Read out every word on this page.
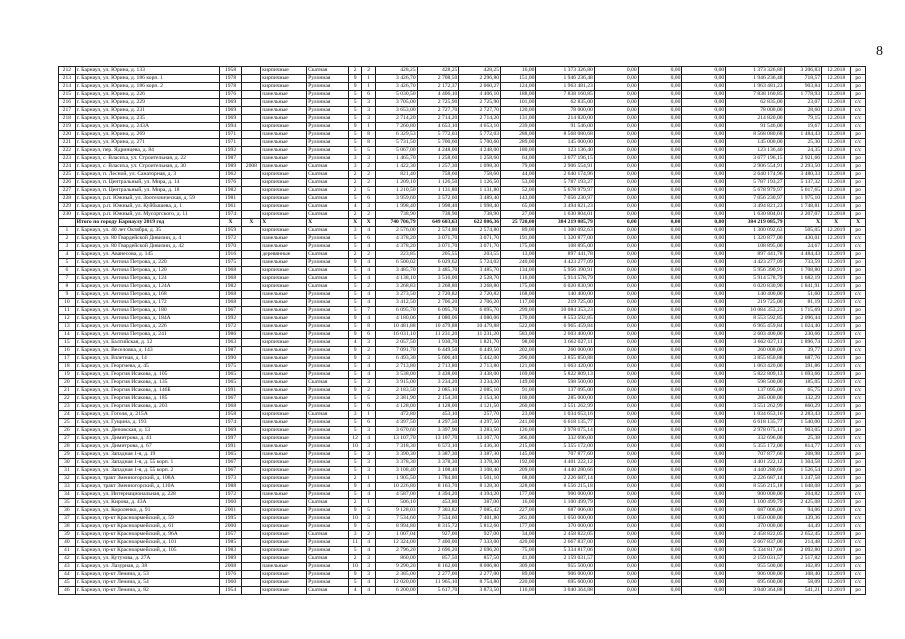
8
212	г. Барнаул, ул. Юрина, д. 133	1958		кирпичные	Скатная	2	2	428,25	428,25	428,25	16,00	1 373 326,80	0,00	0,00	0,00	1 373 326,80	3 206,83	12.2018	рo
213	г. Барнаул, ул. Юрина, д. 186 корп. 1	1978		кирпичные	Рулонная	9	1	3 426,70	2 708,50	2 296,80	151,00	1 946 236,48	0,00	0,00	0,00	1 946 236,48	718,57	12.2018	рo
214	г. Барнаул, ул. Юрина, д. 186 корп. 2	1978		кирпичные	Рулонная	9	1	3 426,70	2 172,37	2 060,27	124,00	1 963 481,23	0,00	0,00	0,00	1 963 481,23	903,84	12.2018	рo
215	г. Барнаул, ул. Юрина, д. 226	1976		панельные	Рулонная	5	6	5 030,50	4 406,10	4 406,10	188,00	7 838 160,85	0,00	0,00	0,00	7 838 160,85	1 778,93	12.2018	рo
216	г. Барнаул, ул. Юрина, д. 229	1969		панельные	Рулонная	5	3	3 705,00	2 725,90	2 725,90	101,00	62 835,00	0,00	0,00	0,00	62 835,00	23,07	12.2018	с/с
217	г. Барнаул, ул. Юрина, д. 231	1969		панельные	Рулонная	5	3	3 653,00	2 727,70	2 727,70	120,00	78 000,00	0,00	0,00	0,00	78 000,00	28,60	12.2018	с/с
218	г. Барнаул, ул. Юрина, д. 235	1969		панельные	Рулонная	5	3	2 714,20	2 714,20	2 714,20	131,00	214 820,00	0,00	0,00	0,00	214 820,00	79,15	12.2018	с/с
219	г. Барнаул, ул. Юрина, д. 243А	1994		кирпичные	Рулонная	9	1	7 260,80	4 653,10	4 653,10	239,00	91 546,00	0,00	0,00	0,00	91 546,00	19,67	12.2018	с/с
220	г. Барнаул, ул. Юрина, д. 269	1971		панельные	Рулонная	5	8	6 329,53	5 772,03	5 772,03	288,00	8 568 080,68	0,00	0,00	0,00	8 568 080,68	1 484,43	12.2018	рo
221	г. Барнаул, ул. Юрина, д. 271	1971		панельные	Рулонная	5	8	5 731,50	5 700,60	5 700,60	289,00	145 000,00	0,00	0,00	0,00	145 000,00	25,30	12.2018	с/с
222	г. Барнаул, пер. Ядринцева, д. 84	1992		панельные	Рулонная	5	5	5 067,00	4 248,00	4 248,00	180,00	123 136,40	0,00	0,00	0,00	123 136,40	24,35	12.2018	с/с
223	г. Барнаул, с. Власиха, ул. Строительная, д. 22	1987		панельные	Рулонная	3	3	1 465,70	1 258,60	1 258,60	64,00	3 677 196,15	0,00	0,00	0,00	3 677 196,15	2 921,66	12.2018	рo
224	г. Барнаул, с. Власиха, ул. Строительная, д. 30	1989	2008	панельные	Скатная	3	2	1 422,30	1 257,30	1 098,30	79,00	2 906 554,91	0,00	0,00	0,00	2 906 554,91	2 293,50	12.2018	рo
225	г. Барнаул, п. Лесной, ул. Санаторная, д. 3	1962		кирпичные	Скатная	2	2	821,40	758,60	758,60	44,00	2 640 174,96	0,00	0,00	0,00	2 640 174,96	3 480,33	12.2018	рo
226	г. Барнаул, п. Центральный, ул. Мира, д. 14	1976		кирпичные	Скатная	2	2	1 209,10	1 126,50	1 126,50	53,00	5 787 193,27	0,00	0,00	0,00	5 787 193,27	5 137,32	12.2018	рo
227	г. Барнаул, п. Центральный, ул. Мира, д. 18	1982		кирпичные	Скатная	2	5	1 210,50	1 131,80	1 131,80	52,00	5 678 979,97	0,00	0,00	0,00	5 678 979,97	5 017,65	12.2018	рo
228	г. Барнаул, р.п. Южный, ул. Зоотехническая, д. 59	1981		кирпичные	Скатная	5	6	3 959,60	3 572,60	3 489,40	143,00	7 056 230,97	0,00	0,00	0,00	7 056 230,97	1 975,10	12.2018	рo
229	г. Барнаул, р.п. Южный, ул. Куйбышева, д. 1	1961		кирпичные	Скатная	4	3	1 998,40	1 998,40	1 998,40	65,00	3 494 821,23	0,00	0,00	0,00	3 494 821,23	1 748,81	12.2018	рo
230	г. Барнаул, р.п. Южный, ул. Мусоргского, д. 11	1974		кирпичные	Скатная	2	2	738,90	738,90	738,90	27,00	1 630 804,01	0,00	0,00	0,00	1 630 804,01	2 207,07	12.2018	рo
	Итого по городу Барнаулу 2019 год	X	X	X	X	X	X	740 706,79	649 603,63	622 806,36	25 720,00	384 219 085,79	0,00	0,00	0,00	384 219 085,79	X	X	X
1	г. Барнаул, ул. 40 лет Октября, д. 35	1959		кирпичные	Скатная	3	4	2 576,00	2 574,80	2 574,80	89,00	1 300 092,63	0,00	0,00	0,00	1 300 092,63	505,05	12.2019	рo
2	г. Барнаул, ул. 80 Гвардейской Дивизии, д. 4	1972		панельные	Рулонная	5	6	4 378,20	3 071,70	3 071,70	191,00	1 320 877,00	0,00	0,00	0,00	1 320 877,00	430,01	12.2019	с/с
3	г. Барнаул, ул. 80 Гвардейской Дивизии, д. 42	1970		панельные	Рулонная	5	4	4 378,20	3 071,70	3 071,70	175,00	108 895,00	0,00	0,00	0,00	108 895,00	24,67	12.2019	с/с
4	г. Барнаул, ул. Аванесова, д. 145	1916		деревянные	Скатная	2	2	223,85	205,55	203,55	13,00	897 441,78	0,00	0,00	0,00	897 441,78	4 484,43	12.2019	рo
5	г. Барнаул, ул. Антона Петрова, д. 220	1975		панельные	Рулонная	9	4	6 500,02	6 029,62	5 724,02	240,00	4 423 277,09	0,00	0,00	0,00	4 423 277,09	733,59	12.2019	рo
6	г. Барнаул, ул. Антона Петрова, д. 120	1968		кирпичные	Скатная	5	4	3 485,70	3 485,70	3 485,70	134,00	5 956 390,91	0,00	0,00	0,00	5 956 390,91	1 708,80	12.2019	рo
7	г. Барнаул, ул. Антона Петрова, д. 124	1968		кирпичные	Скатная	5	4	4 138,10	3 516,00	2 528,70	116,00	5 914 578,79	0,00	0,00	0,00	5 914 578,79	1 682,19	12.2019	рo
8	г. Барнаул, ул. Антона Петрова, д. 124А	1982		кирпичные	Скатная	5	2	3 268,83	3 268,80	3 268,80	175,00	6 020 830,90	0,00	0,00	0,00	6 020 830,90	1 841,91	12.2019	рo
9	г. Барнаул, ул. Антона Петрова, д. 168	1968		панельные	Рулонная	5	4	3 273,50	2 720,82	2 720,82	168,00	140 400,00	0,00	0,00	0,00	140 400,00	51,60	12.2019	с/с
10	г. Барнаул, ул. Антона Петрова, д. 172	1968		панельные	Рулонная	5	4	3 412,50	2 706,20	2 706,20	117,00	219 725,00	0,00	0,00	0,00	219 725,00	81,19	12.2019	с/с
11	г. Барнаул, ул. Антона Петрова, д. 180	1967		панельные	Рулонная	5	7	6 095,70	6 095,70	6 095,70	299,00	10 084 353,23	0,00	0,00	0,00	10 084 353,23	1 715,69	12.2019	рo
12	г. Барнаул, ул. Антона Петрова, д. 184А	1992		панельные	Рулонная	9	4	4 180,06	4 080,06	4 080,06	170,00	8 553 592,85	0,00	0,00	0,00	8 553 592,85	2 096,44	12.2019	рo
13	г. Барнаул, ул. Антона Петрова, д. 226	1972		панельные	Рулонная	5	8	10 481,88	10 479,88	10 479,88	522,00	6 965 459,84	0,00	0,00	0,00	6 965 459,84	1 024,40	12.2019	рo
14	г. Барнаул, ул. Антона Петрова, д. 241	1986		панельные	Рулонная	9	6	16 031,10	11 231,20	11 231,20	583,00	2 603 400,00	0,00	0,00	0,00	2 603 400,00	230,66	12.2019	с/с
15	г. Барнаул, ул. Балтийская, д. 12	1963		кирпичные	Рулонная	4	3	2 057,50	1 930,70	1 821,70	98,00	3 662 027,11	0,00	0,00	0,00	3 662 027,11	1 896,74	12.2019	рo
16	г. Барнаул, ул. Веселовка, д. 143	1987		панельные	Рулонная	9	2	7 091,70	6 449,50	6 449,50	202,00	260 000,00	0,00	0,00	0,00	260 000,00	39,77	12.2019	с/с
17	г. Барнаул, ул. Взлетная, д. 14	1990		панельные	Рулонная	9	3	6 493,30	5 606,40	5 442,00	290,00	3 855 850,88	0,00	0,00	0,00	3 855 850,88	687,76	12.2019	рo
18	г. Барнаул, ул. Георгиева, д. 45	1975		панельные	Рулонная	5	4	2 713,80	2 713,80	2 713,80	121,00	1 063 420,00	0,00	0,00	0,00	1 063 420,00	391,86	12.2019	с/с
19	г. Барнаул, ул. Георгия Исакова, д. 105	1965		панельные	Рулонная	5	4	3 538,00	3 438,00	3 438,00	169,00	5 822 809,13	0,00	0,00	0,00	5 822 809,13	1 693,66	12.2019	рo
20	г. Барнаул, ул. Георгия Исакова, д. 135	1965		панельные	Скатная	5	3	3 915,00	3 234,20	3 234,20	149,00	598 500,00	0,00	0,00	0,00	598 500,00	185,05	12.2019	с/с
21	г. Барнаул, ул. Георгия Исакова, д. 146Б	1991		панельные	Рулонная	9	2	2 183,50	2 085,10	2 085,10	91,00	137 095,00	0,00	0,00	0,00	137 095,00	65,75	12.2019	с/с
22	г. Барнаул, ул. Георгия Исакова, д. 185	1967		панельные	Рулонная	5	5	2 381,90	2 154,30	2 154,30	160,00	285 000,00	0,00	0,00	0,00	285 000,00	132,29	12.2019	с/с
23	г. Барнаул, ул. Георгия Исакова, д. 203	1968		панельные	Рулонная	5	6	4 128,00	4 128,00	4 121,50	260,00	3 551 262,99	0,00	0,00	0,00	3 551 262,99	860,29	12.2019	рo
24	г. Барнаул, ул. Гоголя, д. 215А	1958		кирпичные	Скатная	3	1	472,80	453,10	257,70	23,00	1 034 653,16	0,00	0,00	0,00	1 034 653,16	2 283,43	12.2019	рo
25	г. Барнаул, ул. Гущина, д. 193	1974		панельные	Рулонная	5	6	4 397,50	4 297,50	4 297,50	241,00	6 618 135,77	0,00	0,00	0,00	6 618 135,77	1 540,00	12.2019	рo
26	г. Барнаул, ул. Деповская, д. 13	1969		кирпичные	Рулонная	5	3	3 670,60	3 397,90	3 283,50	126,00	2 978 075,14	0,00	0,00	0,00	2 978 075,14	903,05	12.2019	рo
27	г. Барнаул, ул. Димитрова, д. 41	1997		кирпичные	Рулонная	12	4	13 107,70	13 107,70	13 107,70	366,00	332 696,00	0,00	0,00	0,00	332 696,00	25,38	12.2019	с/с
28	г. Барнаул, ул. Димитрова, д. 67	1991		панельные	Рулонная	10	3	7 318,30	6 573,10	5 436,30	215,00	5 355 172,00	0,00	0,00	0,00	5 355 172,00	814,77	12.2019	с/с
29	г. Барнаул, ул. Западная 1-я, д. 19	1965		панельные	Рулонная	5	3	3 390,30	3 387,30	3 387,30	145,00	707 877,60	0,00	0,00	0,00	707 877,60	208,98	12.2019	рo
30	г. Барнаул, ул. Западная 1-я, д. 55 корп. 1	1967		кирпичные	Рулонная	5	3	3 378,30	3 378,30	3 378,30	192,00	4 401 222,12	0,00	0,00	0,00	4 401 222,12	1 304,58	12.2019	рo
31	г. Барнаул, ул. Западная 1-я, д. 55 корп. 2	1967		кирпичные	Рулонная	5	3	3 108,40	3 108,40	3 108,40	209,00	4 440 280,66	0,00	0,00	0,00	4 440 280,66	1 526,54	12.2019	рo
32	г. Барнаул, тракт Змеиногорский, д. 108А	1973		кирпичные	Рулонная	2	1	1 905,50	1 784,80	1 501,10	68,00	2 226 687,14	0,00	0,00	0,00	2 226 687,14	1 247,58	12.2019	рo
33	г. Барнаул, тракт Змеиногорский, д. 110А	1988		кирпичные	Рулонная	9	4	10 226,80	8 163,70	8 128,30	328,00	8 556 215,18	0,00	0,00	0,00	8 556 215,18	1 048,08	12.2019	рo
34	г. Барнаул, ул. Интернациональная, д. 228	1972		панельные	Рулонная	5	4	4 587,00	4 394,20	4 394,20	177,00	900 000,00	0,00	0,00	0,00	900 000,00	204,82	12.2019	с/с
35	г. Барнаул, ул. Кирова, д. 43А	1960		кирпичные	Скатная	2	1	506,10	453,80	387,00	16,00	1 100 499,79	0,00	0,00	0,00	1 100 499,79	2 425,08	12.2019	рo
36	г. Барнаул, ул. Короленко, д. 91	2001		кирпичные	Рулонная	9	5	9 128,03	7 303,82	7 085,42	227,00	687 006,00	0,00	0,00	0,00	687 006,00	94,06	12.2019	с/с
37	г. Барнаул, пр-кт Красноармейский, д. 59	1995		кирпичные	Рулонная	10	3	7 534,60	7 534,60	7 401,80	261,00	1 050 000,00	0,00	0,00	0,00	1 050 000,00	139,36	12.2019	с/с
38	г. Барнаул, пр-кт Красноармейский, д. 61	2000		кирпичные	Рулонная	9	5	8 994,80	8 315,72	5 812,60	177,00	370 000,00	0,00	0,00	0,00	370 000,00	44,49	12.2019	с/с
39	г. Барнаул, пр-кт Красноармейский, д. 96А	1957		кирпичные	Скатная	3	2	1 007,04	927,00	927,00	34,00	2 458 822,05	0,00	0,00	0,00	2 458 822,05	2 652,45	12.2019	рo
40	г. Барнаул, пр-кт Красноармейский, д. 101	1985		кирпичные	Рулонная	11	4	12 324,00	7 400,00	7 333,00	420,00	2 667 837,00	0,00	0,00	0,00	2 667 837,00	214,48	12.2019	с/с
41	г. Барнаул, пр-кт Красноармейский, д. 105	1983		кирпичные	Рулонная	5	4	2 796,20	2 696,20	2 696,20	75,00	5 334 817,06	0,00	0,00	0,00	5 334 817,06	2 092,80	12.2019	рo
42	г. Барнаул, ул. Кутузова, д. 27А	1989		кирпичные	Скатная	2	3	860,00	857,50	857,50	41,00	2 159 031,57	0,00	0,00	0,00	2 159 031,57	2 517,82	12.2019	рo
43	г. Барнаул, ул. Лазурная, д. 38	2008		панельные	Рулонная	10	3	9 290,20	8 162,00	8 006,80	309,00	955 500,00	0,00	0,00	0,00	955 500,00	102,89	12.2019	с/с
44	г. Барнаул, пр-кт Ленина, д. 53	1976		кирпичные	Рулонная	9	3	2 385,00	2 277,00	2 277,00	89,00	906 000,00	0,00	0,00	0,00	906 000,00	108,40	12.2019	с/с
45	г. Барнаул, пр-кт Ленина, д. 54	1960		кирпичные	Рулонная	5	4	12 020,00	11 965,10	8 754,80	220,00	695 600,00	0,00	0,00	0,00	695 600,00	58,09	12.2019	с/с
46	г. Барнаул, пр-кт Ленина, д. 82	1954		кирпичные	Скатная	4	4	6 200,00	5 617,70	3 873,50	116,00	3 040 364,88	0,00	0,00	0,00	3 040 364,88	541,21	12.2019	рo
